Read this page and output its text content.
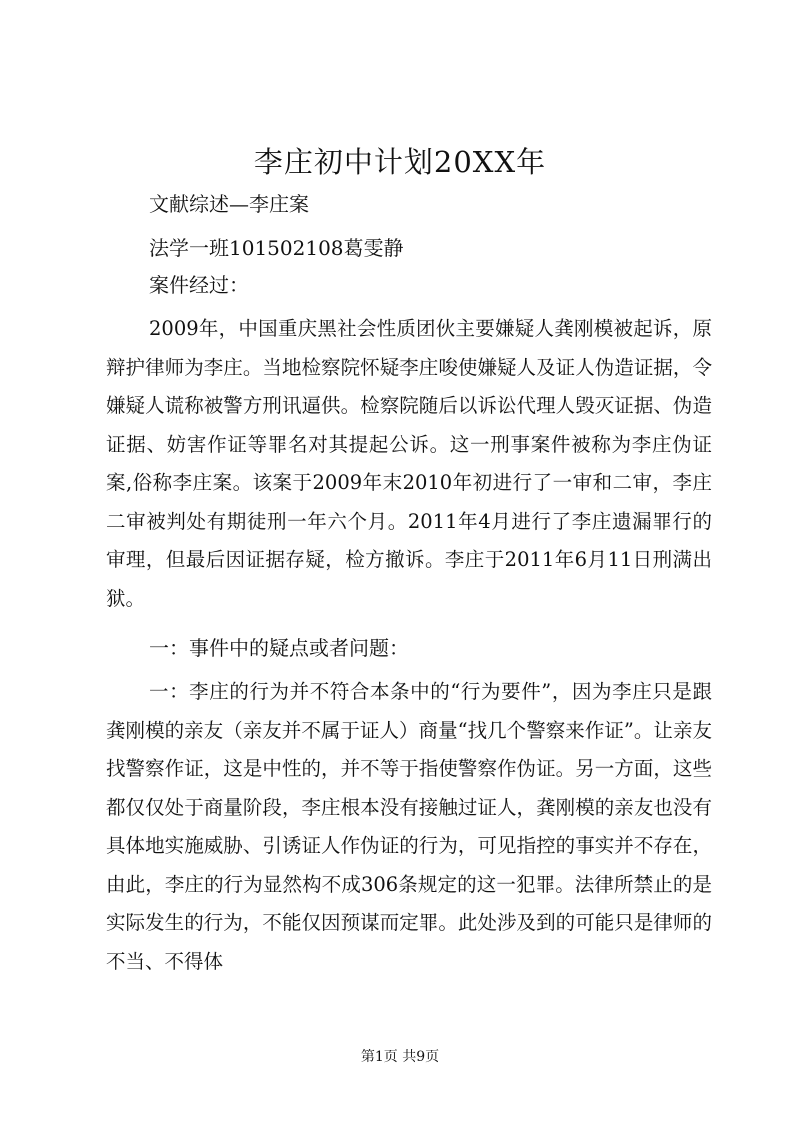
李庄初中计划20XX年
文献综述—李庄案
法学一班101502108葛雯静
案件经过：

2009年，中国重庆黑社会性质团伙主要嫌疑人龚刚模被起诉，原辩护律师为李庄。当地检察院怀疑李庄唆使嫌疑人及证人伪造证据，令嫌疑人谎称被警方刑讯逼供。检察院随后以诉讼代理人毁灭证据、伪造证据、妨害作证等罪名对其提起公诉。这一刑事案件被称为李庄伪证案,俗称李庄案。该案于2009年末2010年初进行了一审和二审，李庄二审被判处有期徒刑一年六个月。2011年4月进行了李庄遗漏罪行的审理，但最后因证据存疑，检方撤诉。李庄于2011年6月11日刑满出狱。

一：事件中的疑点或者问题：

一：李庄的行为并不符合本条中的“行为要件”，因为李庄只是跟龚刚模的亲友（亲友并不属于证人）商量“找几个警察来作证”。让亲友找警察作证，这是中性的，并不等于指使警察作伪证。另一方面，这些都仅仅处于商量阶段，李庄根本没有接触过证人，龚刚模的亲友也没有具体地实施威胁、引诱证人作伪证的行为，可见指控的事实并不存在，由此，李庄的行为显然构不成306条规定的这一犯罪。法律所禁止的是实际发生的行为，不能仅因预谋而定罪。此处涉及到的可能只是律师的不当、不得体

第1页 共9页
